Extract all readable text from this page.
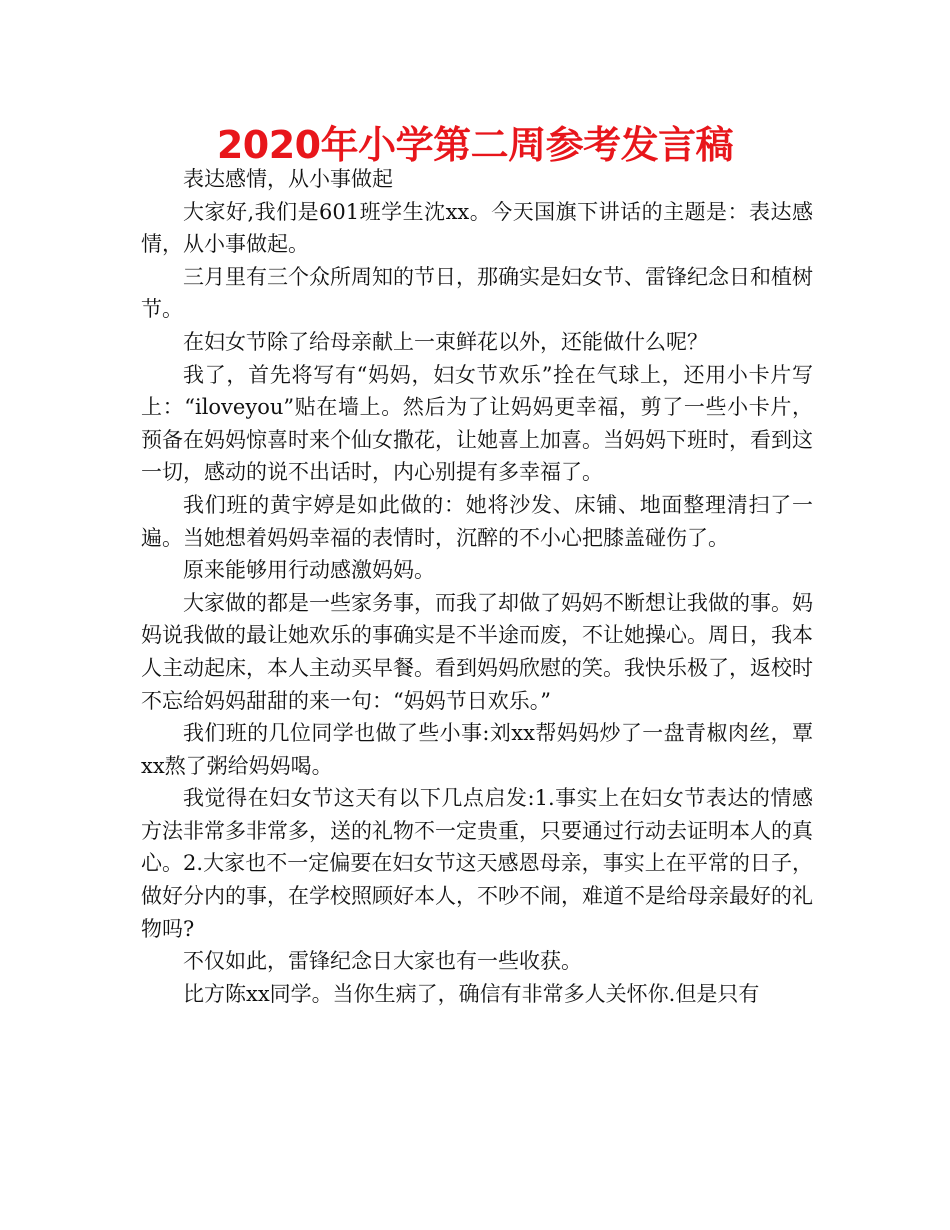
2020年小学第二周参考发言稿

表达感情，从小事做起

大家好,我们是601班学生沈xx。今天国旗下讲话的主题是：表达感情，从小事做起。

三月里有三个众所周知的节日，那确实是妇女节、雷锋纪念日和植树节。

在妇女节除了给母亲献上一束鲜花以外，还能做什么呢？

我了，首先将写有“妈妈，妇女节欢乐”拴在气球上，还用小卡片写上：“iloveyou”贴在墙上。然后为了让妈妈更幸福，剪了一些小卡片，预备在妈妈惊喜时来个仙女撒花，让她喜上加喜。当妈妈下班时，看到这一切，感动的说不出话时，内心别提有多幸福了。

我们班的黄宇婷是如此做的：她将沙发、床铺、地面整理清扫了一遍。当她想着妈妈幸福的表情时，沉醉的不小心把膝盖碰伤了。

原来能够用行动感激妈妈。

大家做的都是一些家务事，而我了却做了妈妈不断想让我做的事。妈妈说我做的最让她欢乐的事确实是不半途而废，不让她操心。周日，我本人主动起床，本人主动买早餐。看到妈妈欣慰的笑。我快乐极了，返校时不忘给妈妈甜甜的来一句：“妈妈节日欢乐。”

我们班的几位同学也做了些小事:刘xx帮妈妈炒了一盘青椒肉丝，覃xx熬了粥给妈妈喝。

我觉得在妇女节这天有以下几点启发:1.事实上在妇女节表达的情感方法非常多非常多，送的礼物不一定贵重，只要通过行动去证明本人的真心。2.大家也不一定偏要在妇女节这天感恩母亲，事实上在平常的日子，做好分内的事，在学校照顾好本人，不吵不闹，难道不是给母亲最好的礼物吗?

不仅如此，雷锋纪念日大家也有一些收获。

比方陈xx同学。当你生病了，确信有非常多人关怀你.但是只有
